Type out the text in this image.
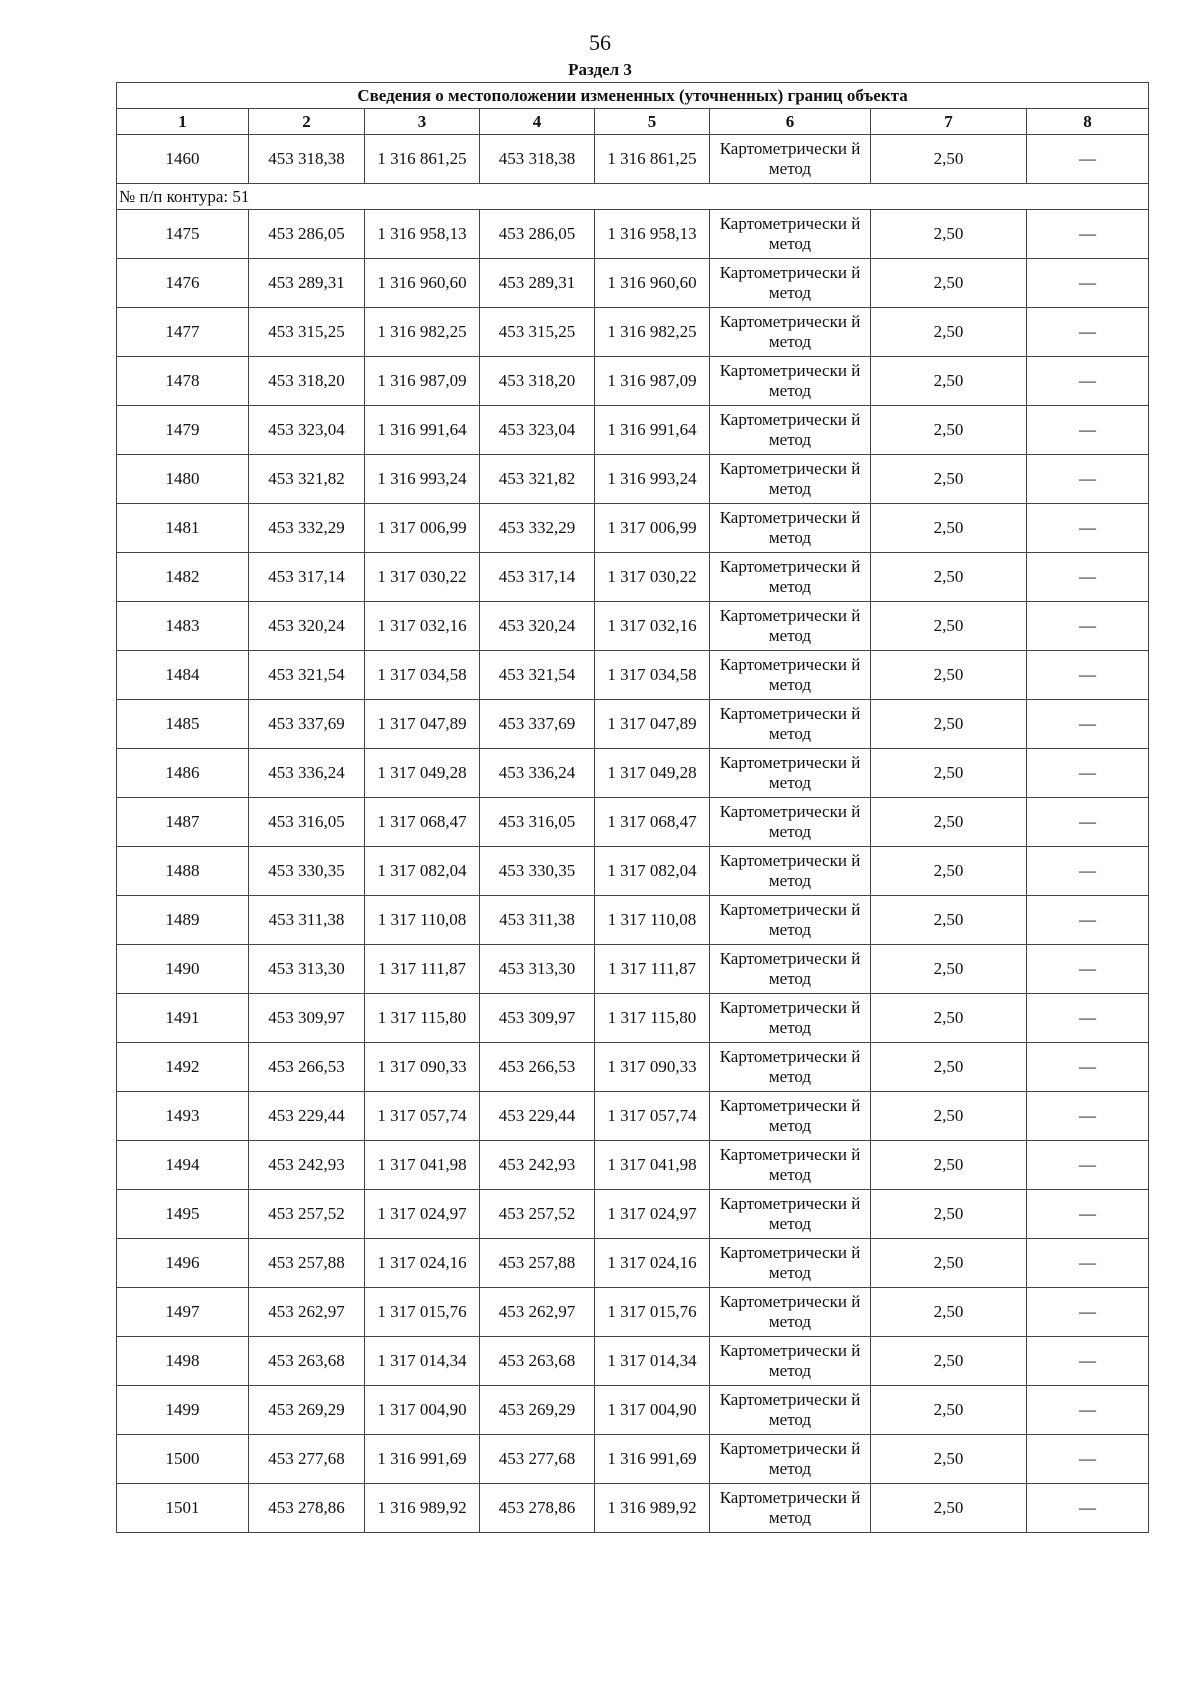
56
Раздел 3
Сведения о местоположении измененных (уточненных) границ объекта							
1	2	3	4	5	6	7	8
1460	453 318,38	1 316 861,25	453 318,38	1 316 861,25	Картометрически й метод	2,50	—
№ п/п контура: 51							
1475	453 286,05	1 316 958,13	453 286,05	1 316 958,13	Картометрически й метод	2,50	—
1476	453 289,31	1 316 960,60	453 289,31	1 316 960,60	Картометрически й метод	2,50	—
1477	453 315,25	1 316 982,25	453 315,25	1 316 982,25	Картометрически й метод	2,50	—
1478	453 318,20	1 316 987,09	453 318,20	1 316 987,09	Картометрически й метод	2,50	—
1479	453 323,04	1 316 991,64	453 323,04	1 316 991,64	Картометрически й метод	2,50	—
1480	453 321,82	1 316 993,24	453 321,82	1 316 993,24	Картометрически й метод	2,50	—
1481	453 332,29	1 317 006,99	453 332,29	1 317 006,99	Картометрически й метод	2,50	—
1482	453 317,14	1 317 030,22	453 317,14	1 317 030,22	Картометрически й метод	2,50	—
1483	453 320,24	1 317 032,16	453 320,24	1 317 032,16	Картометрически й метод	2,50	—
1484	453 321,54	1 317 034,58	453 321,54	1 317 034,58	Картометрически й метод	2,50	—
1485	453 337,69	1 317 047,89	453 337,69	1 317 047,89	Картометрически й метод	2,50	—
1486	453 336,24	1 317 049,28	453 336,24	1 317 049,28	Картометрически й метод	2,50	—
1487	453 316,05	1 317 068,47	453 316,05	1 317 068,47	Картометрически й метод	2,50	—
1488	453 330,35	1 317 082,04	453 330,35	1 317 082,04	Картометрически й метод	2,50	—
1489	453 311,38	1 317 110,08	453 311,38	1 317 110,08	Картометрически й метод	2,50	—
1490	453 313,30	1 317 111,87	453 313,30	1 317 111,87	Картометрически й метод	2,50	—
1491	453 309,97	1 317 115,80	453 309,97	1 317 115,80	Картометрически й метод	2,50	—
1492	453 266,53	1 317 090,33	453 266,53	1 317 090,33	Картометрически й метод	2,50	—
1493	453 229,44	1 317 057,74	453 229,44	1 317 057,74	Картометрически й метод	2,50	—
1494	453 242,93	1 317 041,98	453 242,93	1 317 041,98	Картометрически й метод	2,50	—
1495	453 257,52	1 317 024,97	453 257,52	1 317 024,97	Картометрически й метод	2,50	—
1496	453 257,88	1 317 024,16	453 257,88	1 317 024,16	Картометрически й метод	2,50	—
1497	453 262,97	1 317 015,76	453 262,97	1 317 015,76	Картометрически й метод	2,50	—
1498	453 263,68	1 317 014,34	453 263,68	1 317 014,34	Картометрически й метод	2,50	—
1499	453 269,29	1 317 004,90	453 269,29	1 317 004,90	Картометрически й метод	2,50	—
1500	453 277,68	1 316 991,69	453 277,68	1 316 991,69	Картометрически й метод	2,50	—
1501	453 278,86	1 316 989,92	453 278,86	1 316 989,92	Картометрически й метод	2,50	—
